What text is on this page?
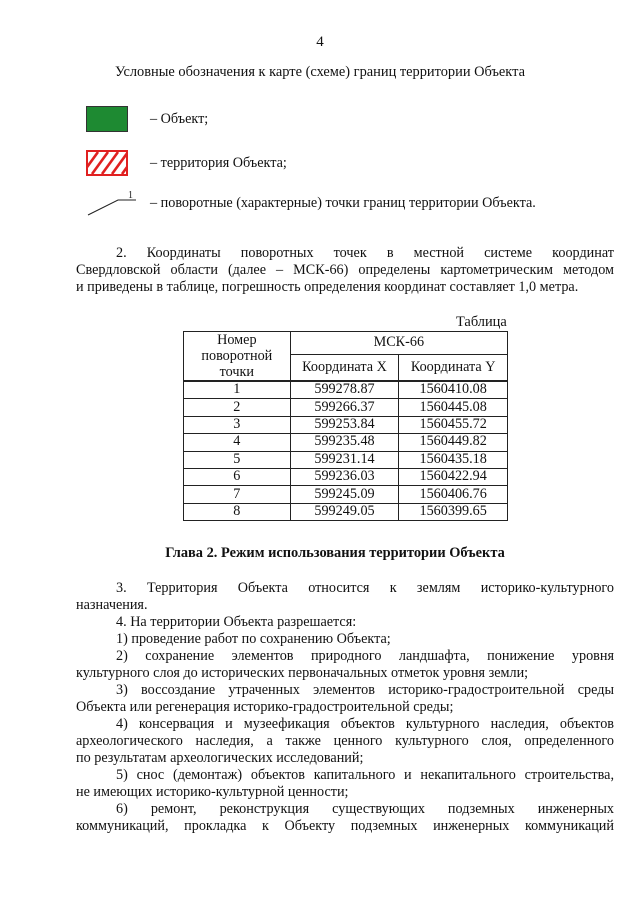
4
Условные обозначения к карте (схеме) границ территории Объекта
– Объект;
– территория Объекта;
1 – поворотные (характерные) точки границ территории Объекта.
2. Координаты поворотных точек в местной системе координат
Свердловской области (далее – МСК-66) определены картометрическим методом
и приведены в таблице, погрешность определения координат составляет 1,0 метра.
Таблица
Номер
поворотной
точки	МСК-66	
	Координата X	Координата Y
1	599278.87	1560410.08
2	599266.37	1560445.08
3	599253.84	1560455.72
4	599235.48	1560449.82
5	599231.14	1560435.18
6	599236.03	1560422.94
7	599245.09	1560406.76
8	599249.05	1560399.65
Глава 2. Режим использования территории Объекта
3. Территория Объекта относится к землям историко-культурного
назначения.
4. На территории Объекта разрешается:
1) проведение работ по сохранению Объекта;
2) сохранение элементов природного ландшафта, понижение уровня
культурного слоя до исторических первоначальных отметок уровня земли;
3) воссоздание утраченных элементов историко-градостроительной среды
Объекта или регенерация историко-градостроительной среды;
4) консервация и музеефикация объектов культурного наследия, объектов
археологического наследия, а также ценного культурного слоя, определенного
по результатам археологических исследований;
5) снос (демонтаж) объектов капитального и некапитального строительства,
не имеющих историко-культурной ценности;
6) ремонт, реконструкция существующих подземных инженерных
коммуникаций, прокладка к Объекту подземных инженерных коммуникаций
